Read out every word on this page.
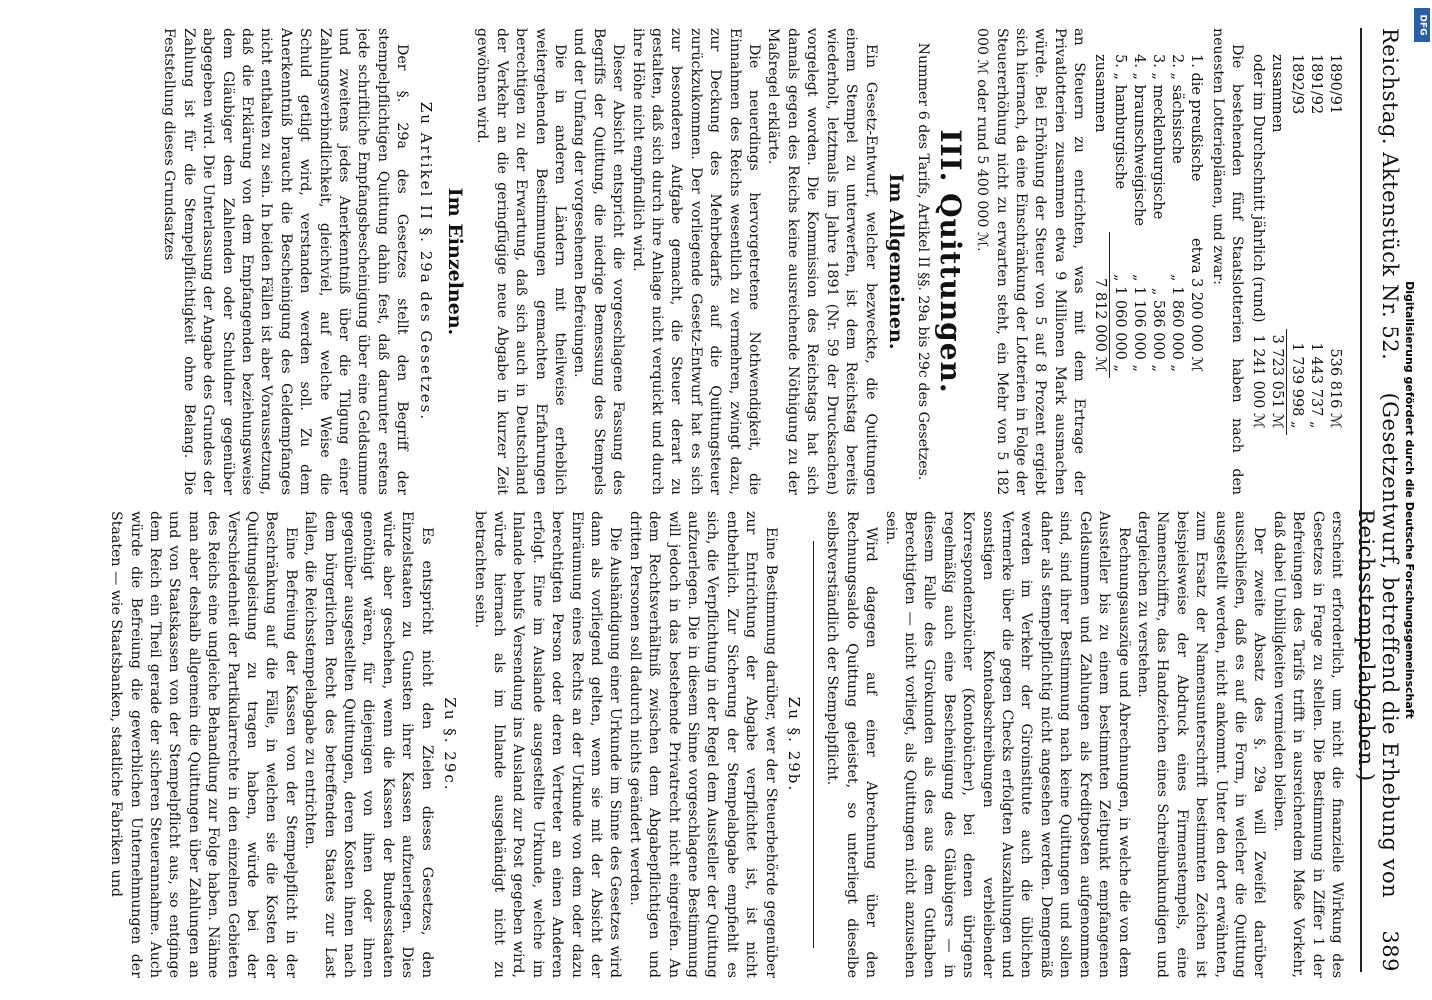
Reichstag. Aktenstück Nr. 52.
(Gesetzentwurf, betreffend die Erhebung von Reichsstempelabgaben.)
389
1890/91	536 816 ℳ
1891/92	1 443 737 „
1892/93	1 739 998 „
zusammen	3 723 051 ℳ
oder im Durchschnitt jährlich (rund)	1 241 000 ℳ

Die bestehenden fünf Staatslotterien haben nach den neuesten Lotterieplänen, und zwar:

1. die preußische	etwa 3 200 000 ℳ
2. „ sächsische	„ 1 860 000 „
3. „ mecklenburgische	„ 586 000 „
4. „ braunschweigische	„ 1 106 000 „
5. „ hamburgische	„ 1 060 000 „
zusammen	7 812 000 ℳ

an Steuern zu entrichten, was mit dem Ertrage der Privatlotterien zusammen etwa 9 Millionen Mark ausmachen würde. Bei Erhöhung der Steuer von 5 auf 8 Prozent ergiebt sich hiernach, da eine Einschränkung der Lotterien in Folge der Steuererhöhung nicht zu erwarten steht, ein Mehr von 5 182 000 ℳ oder rund 5 400 000 ℳ.

III. Quittungen.

Nummer 6 des Tarifs, Artikel II §§. 29a bis 29c des Gesetzes.

Im Allgemeinen.

Ein Gesetz-Entwurf, welcher bezweckte, die Quittungen einem Stempel zu unterwerfen, ist dem Reichstag bereits wiederholt, letztmals im Jahre 1891 (Nr. 59 der Drucksachen) vorgelegt worden. Die Kommission des Reichstags hat sich damals gegen des Reichs keine ausreichende Nöthigung zu der Maßregel erklärte.

Die neuerdings hervorgetretene Nothwendigkeit, die Einnahmen des Reichs wesentlich zu vermehren, zwingt dazu, zur Deckung des Mehrbedarfs auf die Quittungsteuer zurückzukommen. Der vorliegende Gesetz-Entwurf hat es sich zur besonderen Aufgabe gemacht, die Steuer derart zu gestalten, daß sich durch ihre Anlage nicht verquickt und durch ihre Höhe nicht empfindlich wird.

Dieser Absicht entspricht die vorgeschlagene Fassung des Begriffs der Quittung, die niedrige Bemessung des Stempels und der Umfang der vorgesehenen Befreiungen.

Die in anderen Ländern mit theilweise erheblich weitergehenden Bestimmungen gemachten Erfahrungen berechtigen zu der Erwartung, daß sich auch in Deutschland der Verkehr an die geringfügige neue Abgabe in kurzer Zeit gewöhnen wird.

Im Einzelnen.
Zu Artikel II §. 29a des Gesetzes.

Der §. 29a des Gesetzes stellt den Begriff der stempelpflichtigen Quittung dahin fest, daß darunter erstens jede schriftliche Empfangsbescheinigung über eine Geldsumme und zweitens jedes Anerkenntniß über die Tilgung einer Zahlungsverbindlichkeit, gleichviel, auf welche Weise die Schuld getilgt wird, verstanden werden soll. Zu dem Anerkenntniß braucht die Bescheinigung des Geldempfanges nicht enthalten zu sein. In beiden Fällen ist aber Voraussetzung, daß die Erklärung von dem Empfangenden beziehungsweise dem Gläubiger dem Zahlenden oder Schuldner gegenüber abgegeben wird. Die Unterlassung der Angabe des Grundes der Zahlung ist für die Stempelpflichtigkeit ohne Belang. Die Feststellung dieses Grundsatzes

erscheint erforderlich, um nicht die finanzielle Wirkung des Gesetzes in Frage zu stellen. Die Bestimmung in Ziffer 1 der Befreiungen des Tarifs trifft in ausreichendem Maße Vorkehr, daß dabei Unbilligkeiten vermieden bleiben.

Der zweite Absatz des §. 29a will Zweifel darüber ausschließen, daß es auf die Form, in welcher die Quittung ausgestellt werden, nicht ankommt. Unter den dort erwähnten, zum Ersatz der Namensunterschrift bestimmten Zeichen ist beispielsweise der Abdruck eines Firmenstempels, eine Namenschiffre, das Handzeichen eines Schreibunkundigen und dergleichen zu verstehen.

Rechnungsauszüge und Abrechnungen, in welche die von dem Aussteller bis zu einem bestimmten Zeitpunkt empfangenen Geldsummen und Zahlungen als Kreditposten aufgenommen sind, sind ihrer Bestimmung nach keine Quittungen und sollen daher als stempelpflichtig nicht angesehen werden. Demgemäß werden im Verkehr der Giroinstitute auch die üblichen Vermerke über die gegen Checks erfolgten Auszahlungen und sonstigen Kontoabschreibungen verbleibender Korrespondenzbücher (Kontobücher), bei denen übrigens regelmäßig auch eine Bescheinigung des Gläubigers — in diesem Falle des Girokunden als des aus dem Guthaben Berechtigten — nicht vorliegt, als Quittungen nicht anzusehen sein.

Wird dagegen auf einer Abrechnung über den Rechnungssaldo Quittung geleistet, so unterliegt dieselbe selbstverständlich der Stempelpflicht.

Zu §. 29b.

Eine Bestimmung darüber, wer der Steuerbehörde gegenüber zur Entrichtung der Abgabe verpflichtet ist, ist nicht entbehrlich. Zur Sicherung der Stempelabgabe empfiehlt es sich, die Verpflichtung in der Regel dem Aussteller der Quittung aufzuerlegen. Die in diesem Sinne vorgeschlagene Bestimmung will jedoch in das bestehende Privatrecht nicht eingreifen. An dem Rechtsverhältniß zwischen dem Abgabepflichtigen und dritten Personen soll dadurch nichts geändert werden.

Die Aushändigung einer Urkunde im Sinne des Gesetzes wird dann als vorliegend gelten, wenn sie mit der Absicht der Einräumung eines Rechts an der Urkunde von dem oder dazu berechtigten Person oder deren Vertreter an einen Anderen erfolgt. Eine im Auslande ausgestellte Urkunde, welche im Inlande behufs Versendung ins Ausland zur Post gegeben wird, würde hiernach als im Inlande ausgehändigt nicht zu betrachten sein.

Zu §. 29c.

Es entspricht nicht den Zielen dieses Gesetzes, den Einzelstaaten zu Gunsten ihrer Kassen aufzuerlegen. Dies würde aber geschehen, wenn die Kassen der Bundesstaaten genöthigt wären, für diejenigen von ihnen oder ihnen gegenüber ausgestellten Quittungen, deren Kosten ihnen nach dem bürgerlichen Recht des betreffenden Staates zur Last fallen, die Reichsstempelabgabe zu entrichten.

Eine Befreiung der Kassen von der Stempelpflicht in der Beschränkung auf die Fälle, in welchen sie die Kosten der Quittungsleistung zu tragen haben, würde bei der Verschiedenheit der Partikularrechte in den einzelnen Gebieten des Reichs eine ungleiche Behandlung zur Folge haben. Nähme man aber deshalb allgemein die Quittungen über Zahlungen an und von Staatskassen von der Stempelpflicht aus, so entginge dem Reich ein Theil gerade der sicheren Steuerannahme. Auch würde die Befreiung die gewerblichen Unternehmungen der Staaten — wie Staatsbanken, staatliche Fabriken und	Digitalisierung gefördert durch die Deutsche Forschungsgemeinschaft
DFG
